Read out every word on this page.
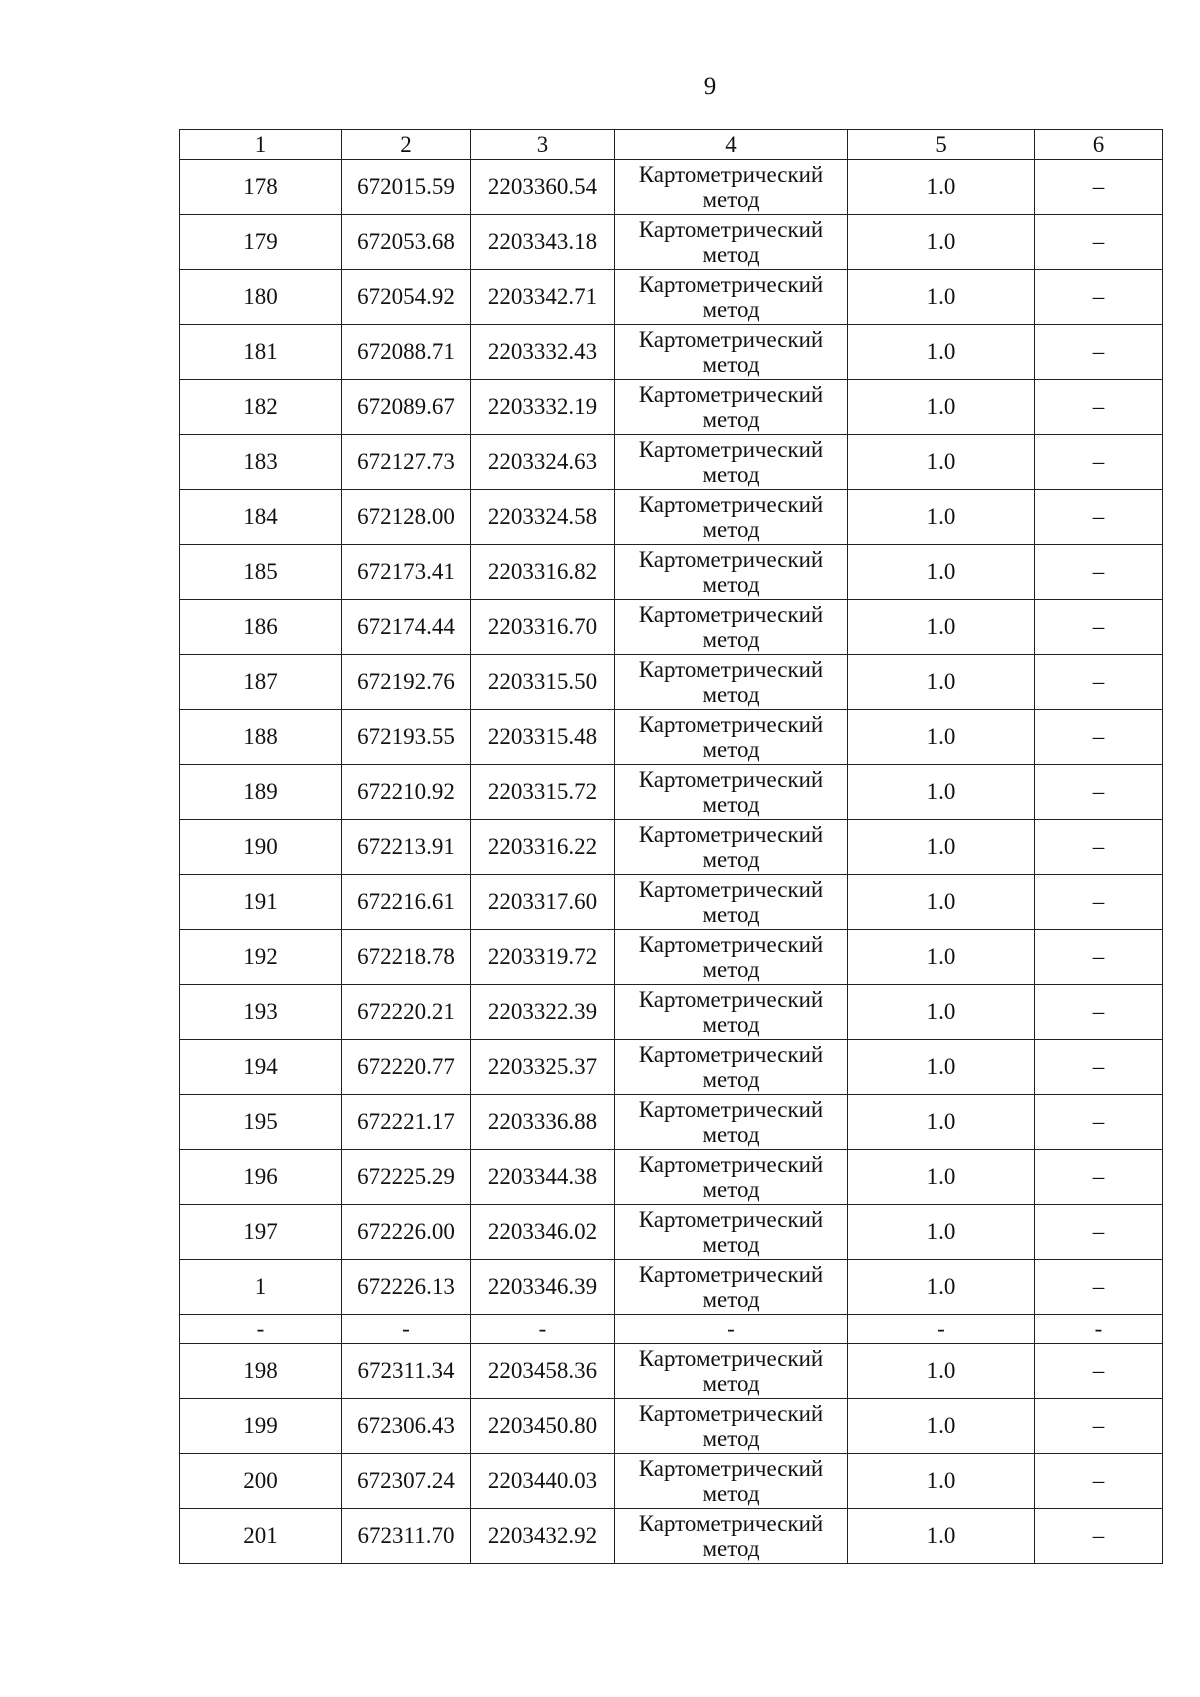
9
1	2	3	4	5	6
178	672015.59	2203360.54	Картометрический
метод	1.0	–
179	672053.68	2203343.18	Картометрический
метод	1.0	–
180	672054.92	2203342.71	Картометрический
метод	1.0	–
181	672088.71	2203332.43	Картометрический
метод	1.0	–
182	672089.67	2203332.19	Картометрический
метод	1.0	–
183	672127.73	2203324.63	Картометрический
метод	1.0	–
184	672128.00	2203324.58	Картометрический
метод	1.0	–
185	672173.41	2203316.82	Картометрический
метод	1.0	–
186	672174.44	2203316.70	Картометрический
метод	1.0	–
187	672192.76	2203315.50	Картометрический
метод	1.0	–
188	672193.55	2203315.48	Картометрический
метод	1.0	–
189	672210.92	2203315.72	Картометрический
метод	1.0	–
190	672213.91	2203316.22	Картометрический
метод	1.0	–
191	672216.61	2203317.60	Картометрический
метод	1.0	–
192	672218.78	2203319.72	Картометрический
метод	1.0	–
193	672220.21	2203322.39	Картометрический
метод	1.0	–
194	672220.77	2203325.37	Картометрический
метод	1.0	–
195	672221.17	2203336.88	Картометрический
метод	1.0	–
196	672225.29	2203344.38	Картометрический
метод	1.0	–
197	672226.00	2203346.02	Картометрический
метод	1.0	–
1	672226.13	2203346.39	Картометрический
метод	1.0	–
-	-	-	-	-	-
198	672311.34	2203458.36	Картометрический
метод	1.0	–
199	672306.43	2203450.80	Картометрический
метод	1.0	–
200	672307.24	2203440.03	Картометрический
метод	1.0	–
201	672311.70	2203432.92	Картометрический
метод	1.0	–
